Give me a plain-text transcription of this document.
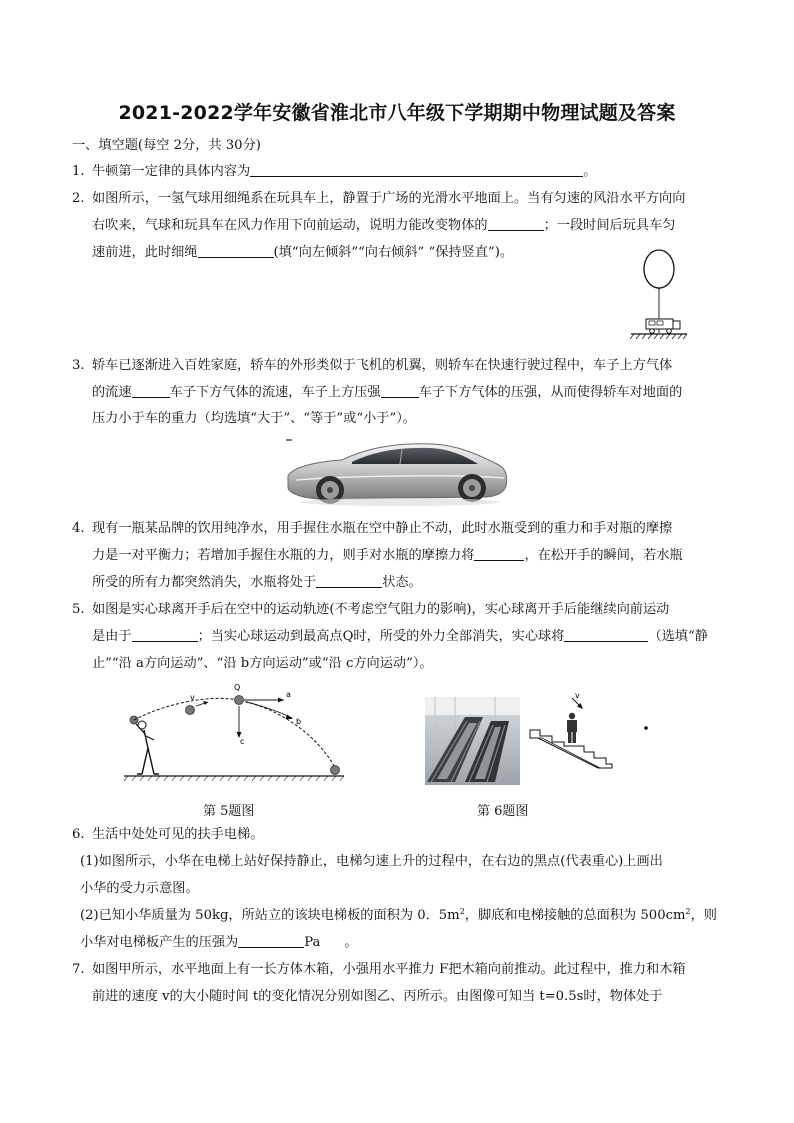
2021-2022学年安徽省淮北市八年级下学期期中物理试题及答案
一、填空题(每空 2分，共 30分)
1. 牛顿第一定律的具体内容为	。
2. 如图所示，一氢气球用细绳系在玩具车上，静置于广场的光滑水平地面上。当有匀速的风沿水平方向向
右吹来，气球和玩具车在风力作用下向前运动，说明力能改变物体的	；一段时间后玩具车匀
速前进，此时细绳	(填“向左倾斜”“向右倾斜” “保持竖直”)。
3. 轿车已逐渐进入百姓家庭，轿车的外形类似于飞机的机翼，则轿车在快速行驶过程中，车子上方气体
的流速	车子下方气体的流速，车子上方压强	车子下方气体的压强，从而使得轿车对地面的
压力小于车的重力（均选填“大于”、“等于”或“小于”）。
4. 现有一瓶某品牌的饮用纯净水，用手握住水瓶在空中静止不动，此时水瓶受到的重力和手对瓶的摩擦
力是一对平衡力；若增加手握住水瓶的力，则手对水瓶的摩擦力将	，在松开手的瞬间，若水瓶
所受的所有力都突然消失，水瓶将处于	状态。
5. 如图是实心球离开手后在空中的运动轨迹(不考虑空气阻力的影响)，实心球离开手后能继续向前运动
是由于	；当实心球运动到最高点Q时，所受的外力全部消失，实心球将	（选填“静
止”“沿 a方向运动”、“沿 b方向运动”或“沿 c方向运动”）。
v
Q
a
b
c
v
第 5题图	第 6题图
6. 生活中处处可见的扶手电梯。
(1)如图所示，小华在电梯上站好保持静止，电梯匀速上升的过程中，在右边的黑点(代表重心)上画出
小华的受力示意图。
(2)已知小华质量为 50kg，所站立的该块电梯板的面积为 0．$5m^2$，脚底和电梯接触的总面积为 $500cm^2$，则
小华对电梯板产生的压强为	Pa 。
7. 如图甲所示，水平地面上有一长方体木箱，小强用水平推力 F把木箱向前推动。此过程中，推力和木箱
前进的速度 v的大小随时间 t的变化情况分别如图乙、丙所示。由图像可知当 t=0.5s时，物体处于
